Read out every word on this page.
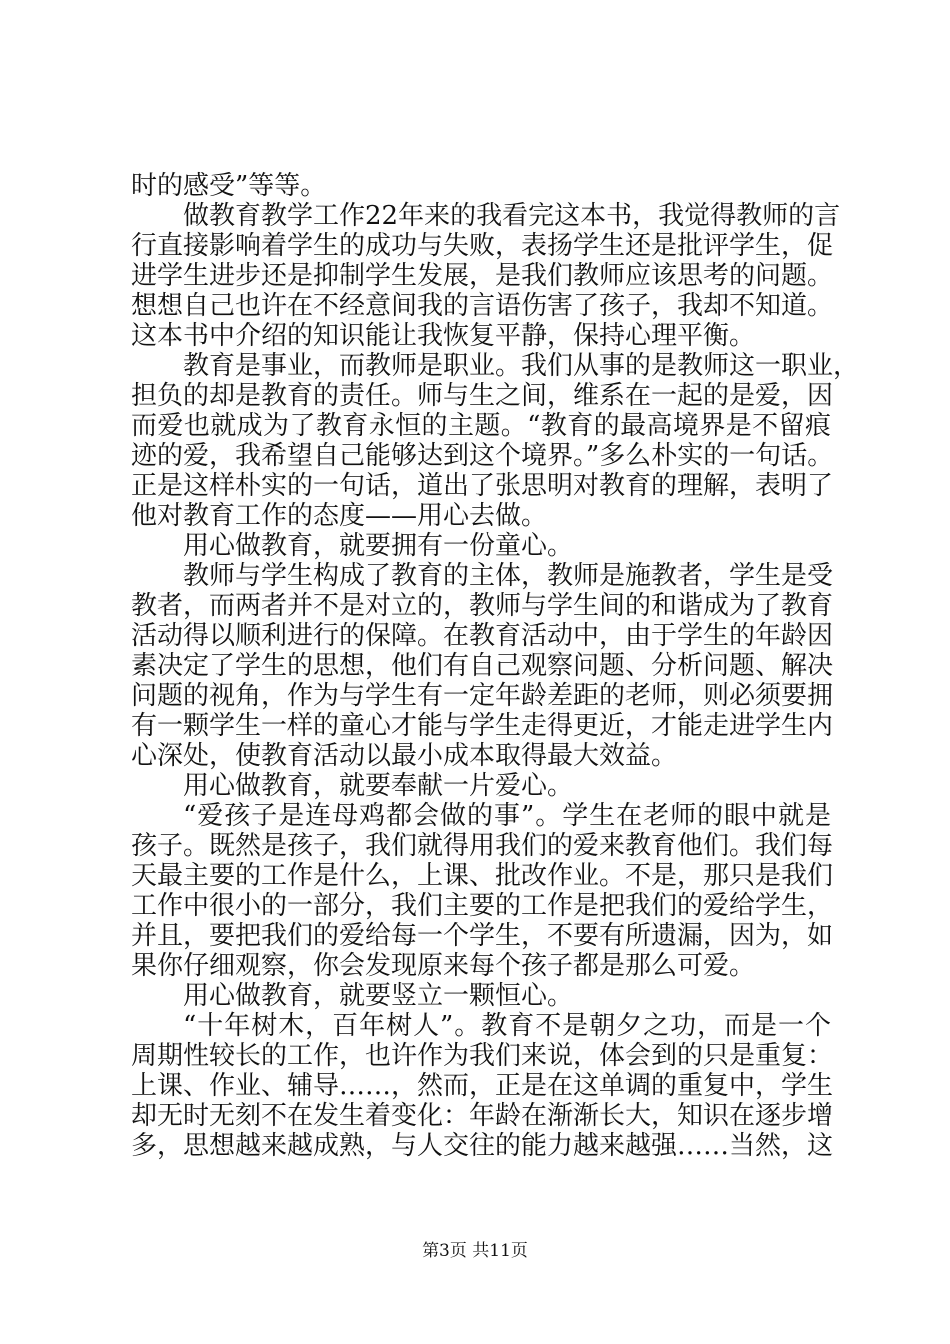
时的感受”等等。
做教育教学工作22年来的我看完这本书，我觉得教师的言
行直接影响着学生的成功与失败，表扬学生还是批评学生，促
进学生进步还是抑制学生发展，是我们教师应该思考的问题。
想想自己也许在不经意间我的言语伤害了孩子，我却不知道。
这本书中介绍的知识能让我恢复平静，保持心理平衡。
教育是事业，而教师是职业。我们从事的是教师这一职业，
担负的却是教育的责任。师与生之间，维系在一起的是爱，因
而爱也就成为了教育永恒的主题。“教育的最高境界是不留痕
迹的爱，我希望自己能够达到这个境界。”多么朴实的一句话。
正是这样朴实的一句话，道出了张思明对教育的理解，表明了
他对教育工作的态度——用心去做。
用心做教育，就要拥有一份童心。
教师与学生构成了教育的主体，教师是施教者，学生是受
教者，而两者并不是对立的，教师与学生间的和谐成为了教育
活动得以顺利进行的保障。在教育活动中，由于学生的年龄因
素决定了学生的思想，他们有自己观察问题、分析问题、解决
问题的视角，作为与学生有一定年龄差距的老师，则必须要拥
有一颗学生一样的童心才能与学生走得更近，才能走进学生内
心深处，使教育活动以最小成本取得最大效益。
用心做教育，就要奉献一片爱心。
“爱孩子是连母鸡都会做的事”。学生在老师的眼中就是
孩子。既然是孩子，我们就得用我们的爱来教育他们。我们每
天最主要的工作是什么，上课、批改作业。不是，那只是我们
工作中很小的一部分，我们主要的工作是把我们的爱给学生，
并且，要把我们的爱给每一个学生，不要有所遗漏，因为，如
果你仔细观察，你会发现原来每个孩子都是那么可爱。
用心做教育，就要竖立一颗恒心。
“十年树木，百年树人”。教育不是朝夕之功，而是一个
周期性较长的工作，也许作为我们来说，体会到的只是重复：
上课、作业、辅导……，然而，正是在这单调的重复中，学生
却无时无刻不在发生着变化：年龄在渐渐长大，知识在逐步增
多，思想越来越成熟，与人交往的能力越来越强……当然，这
第3页 共11页
